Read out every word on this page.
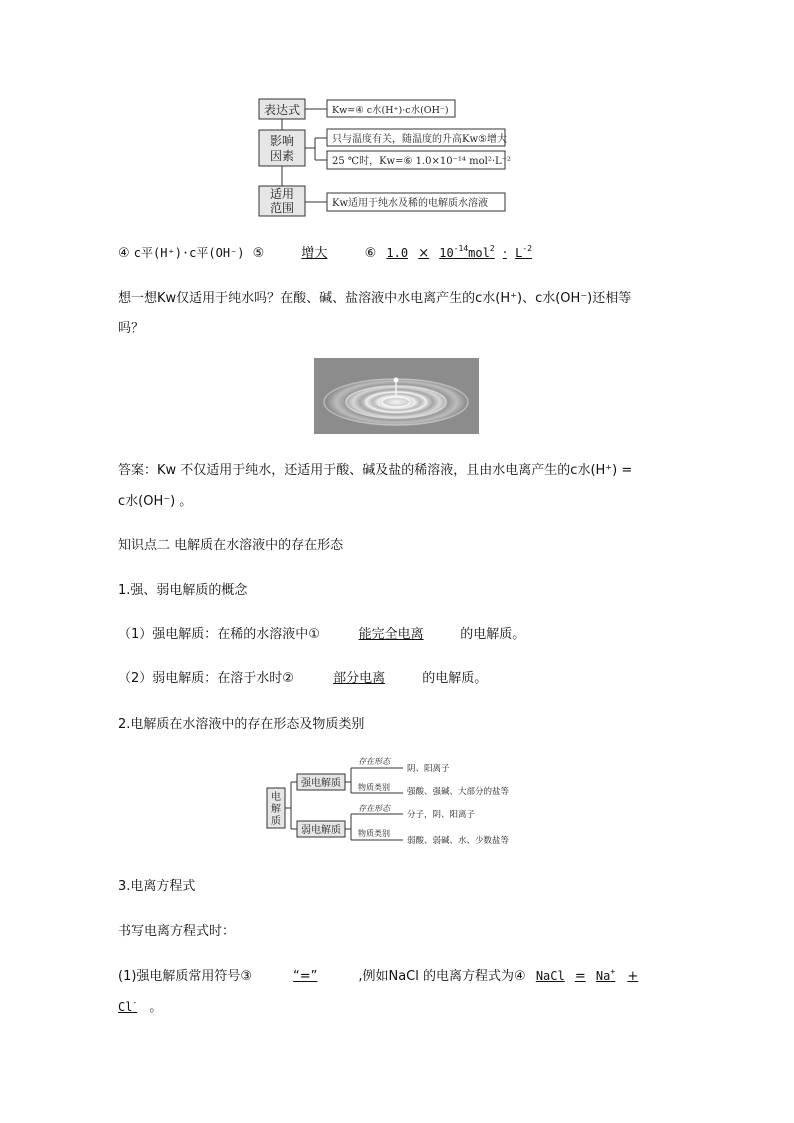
表达式
影响
因素
适用
范围
Kw=④ c水(H⁺)·c水(OH⁻)
只与温度有关，随温度的升高Kw⑤增大
25 ℃时，Kw=⑥ 1.0×10⁻¹⁴ mol²·L⁻²
Kw适用于纯水及稀的电解质水溶液
④ c平(H⁺)·c平(OH⁻) ⑤	增大	⑥ $1.0 \times 10^{-14}mol^2 \cdot L^{-2}$
想一想Kw仅适用于纯水吗？在酸、碱、盐溶液中水电离产生的c水(H⁺)、c水(OH⁻)还相等
吗？
答案：Kw 不仅适用于纯水，还适用于酸、碱及盐的稀溶液，且由水电离产生的c水(H⁺) =
c水(OH⁻) 。
知识点二 电解质在水溶液中的存在形态
1.强、弱电解质的概念
（1）强电解质：在稀的水溶液中①	能完全电离	的电解质。
（2）弱电解质：在溶于水时②	部分电离	的电解质。
2.电解质在水溶液中的存在形态及物质类别
电
解
质
强电解质
存在形态
物质类别
阴、阳离子
强酸、强碱、大部分的盐等
弱电解质
存在形态
物质类别
分子，阴、阳离子
弱酸、弱碱、水、少数盐等
3.电离方程式
书写电离方程式时：
(1)强电解质常用符号③	“=”	,例如NaCl 的电离方程式为④ NaCl = Na+ +
Cl- 。
